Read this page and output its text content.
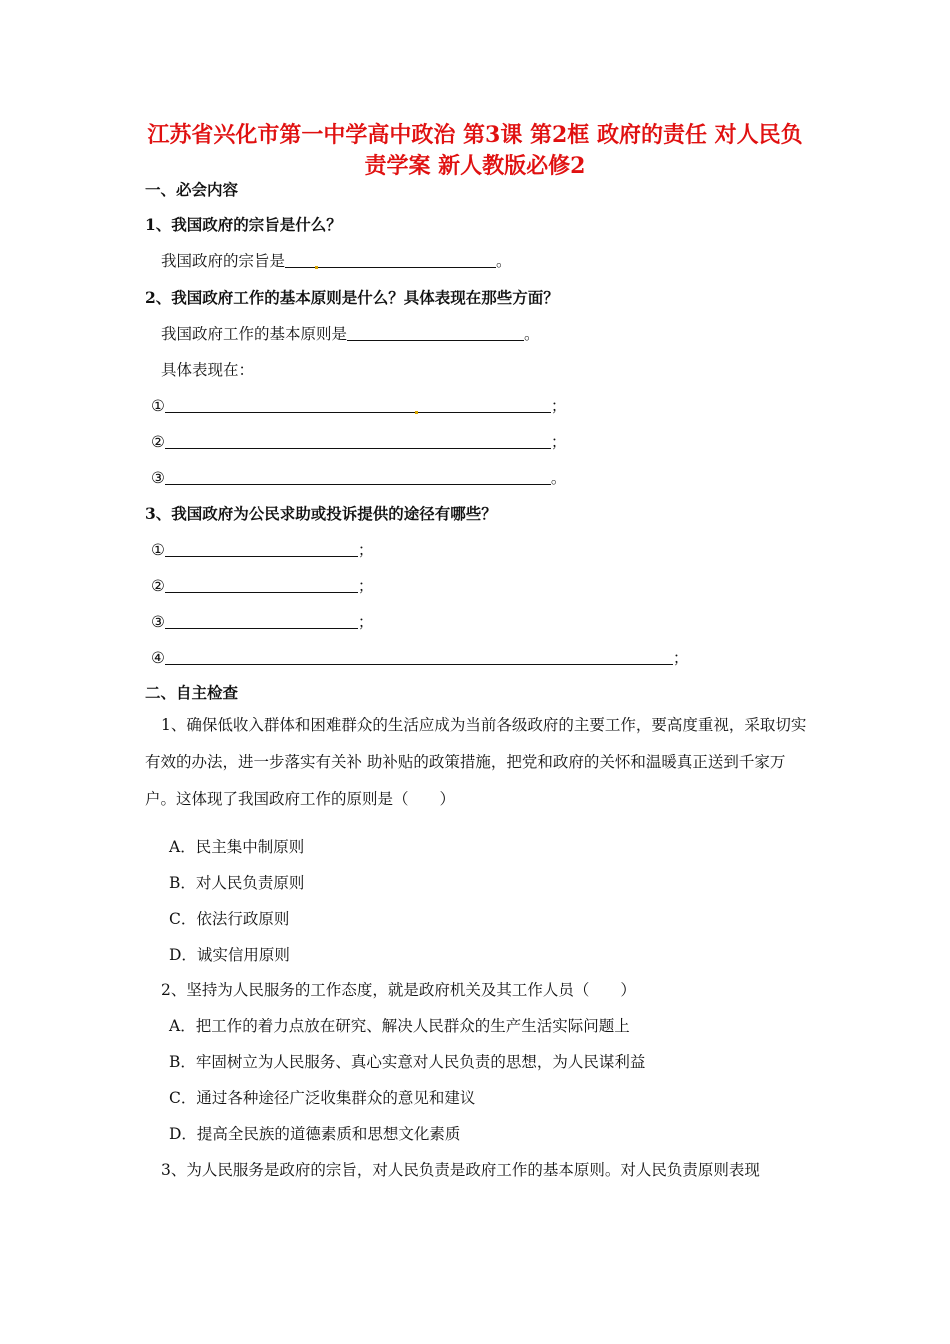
江苏省兴化市第一中学高中政治 第3课 第2框 政府的责任 对人民负责学案 新人教版必修2
一、必会内容
1、我国政府的宗旨是什么？
我国政府的宗旨是	。
2、我国政府工作的基本原则是什么？具体表现在那些方面？
我国政府工作的基本原则是	。
具体表现在：
①	；
②	；
③	。
3、我国政府为公民求助或投诉提供的途径有哪些？
①	；
②	；
③	；
④	；
二、自主检查

1、确保低收入群体和困难群众的生活应成为当前各级政府的主要工作，要高度重视，采取切实有效的办法，进一步落实有关补 助补贴的政策措施，把党和政府的关怀和温暖真正送到千家万户。这体现了我国政府工作的原则是（　　）

A．民主集中制原则
B．对人民负责原则
C．依法行政原则
D．诚实信用原则
2、坚持为人民服务的工作态度，就是政府机关及其工作人员（　　）
A．把工作的着力点放在研究、解决人民群众的生产生活实际问题上
B．牢固树立为人民服务、真心实意对人民负责的思想，为人民谋利益
C．通过各种途径广泛收集群众的意见和建议
D．提高全民族的道德素质和思想文化素质
3、为人民服务是政府的宗旨，对人民负责是政府工作的基本原则。对人民负责原则表现
